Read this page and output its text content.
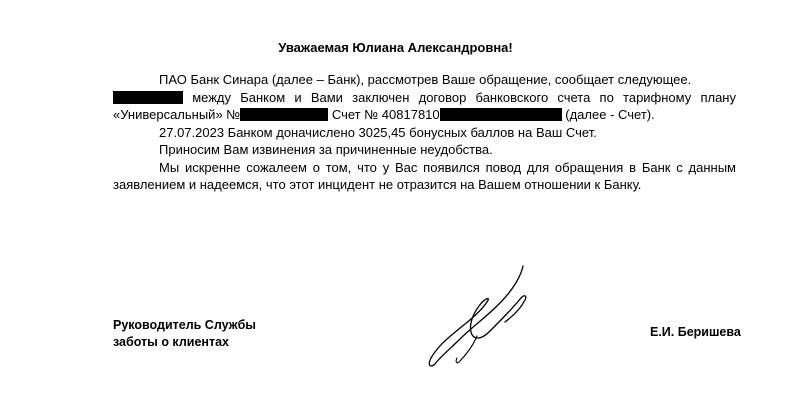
Уважаемая Юлиана Александровна!

ПАО Банк Синара (далее – Банк), рассмотрев Ваше обращение, сообщает следующее.

между Банком и Вами заключен договор банковского счета по тарифному плану
«Универсальный» №	Счет № 40817810	(далее - Счет).

27.07.2023 Банком доначислено 3025,45 бонусных баллов на Ваш Счет.

Приносим Вам извинения за причиненные неудобства.

Мы искренне сожалеем о том, что у Вас появился повод для обращения в Банк с данным заявлением и надеемся, что этот инцидент не отразится на Вашем отношении к Банку.

Руководитель Службы
заботы о клиентах
Е.И. Беришева
